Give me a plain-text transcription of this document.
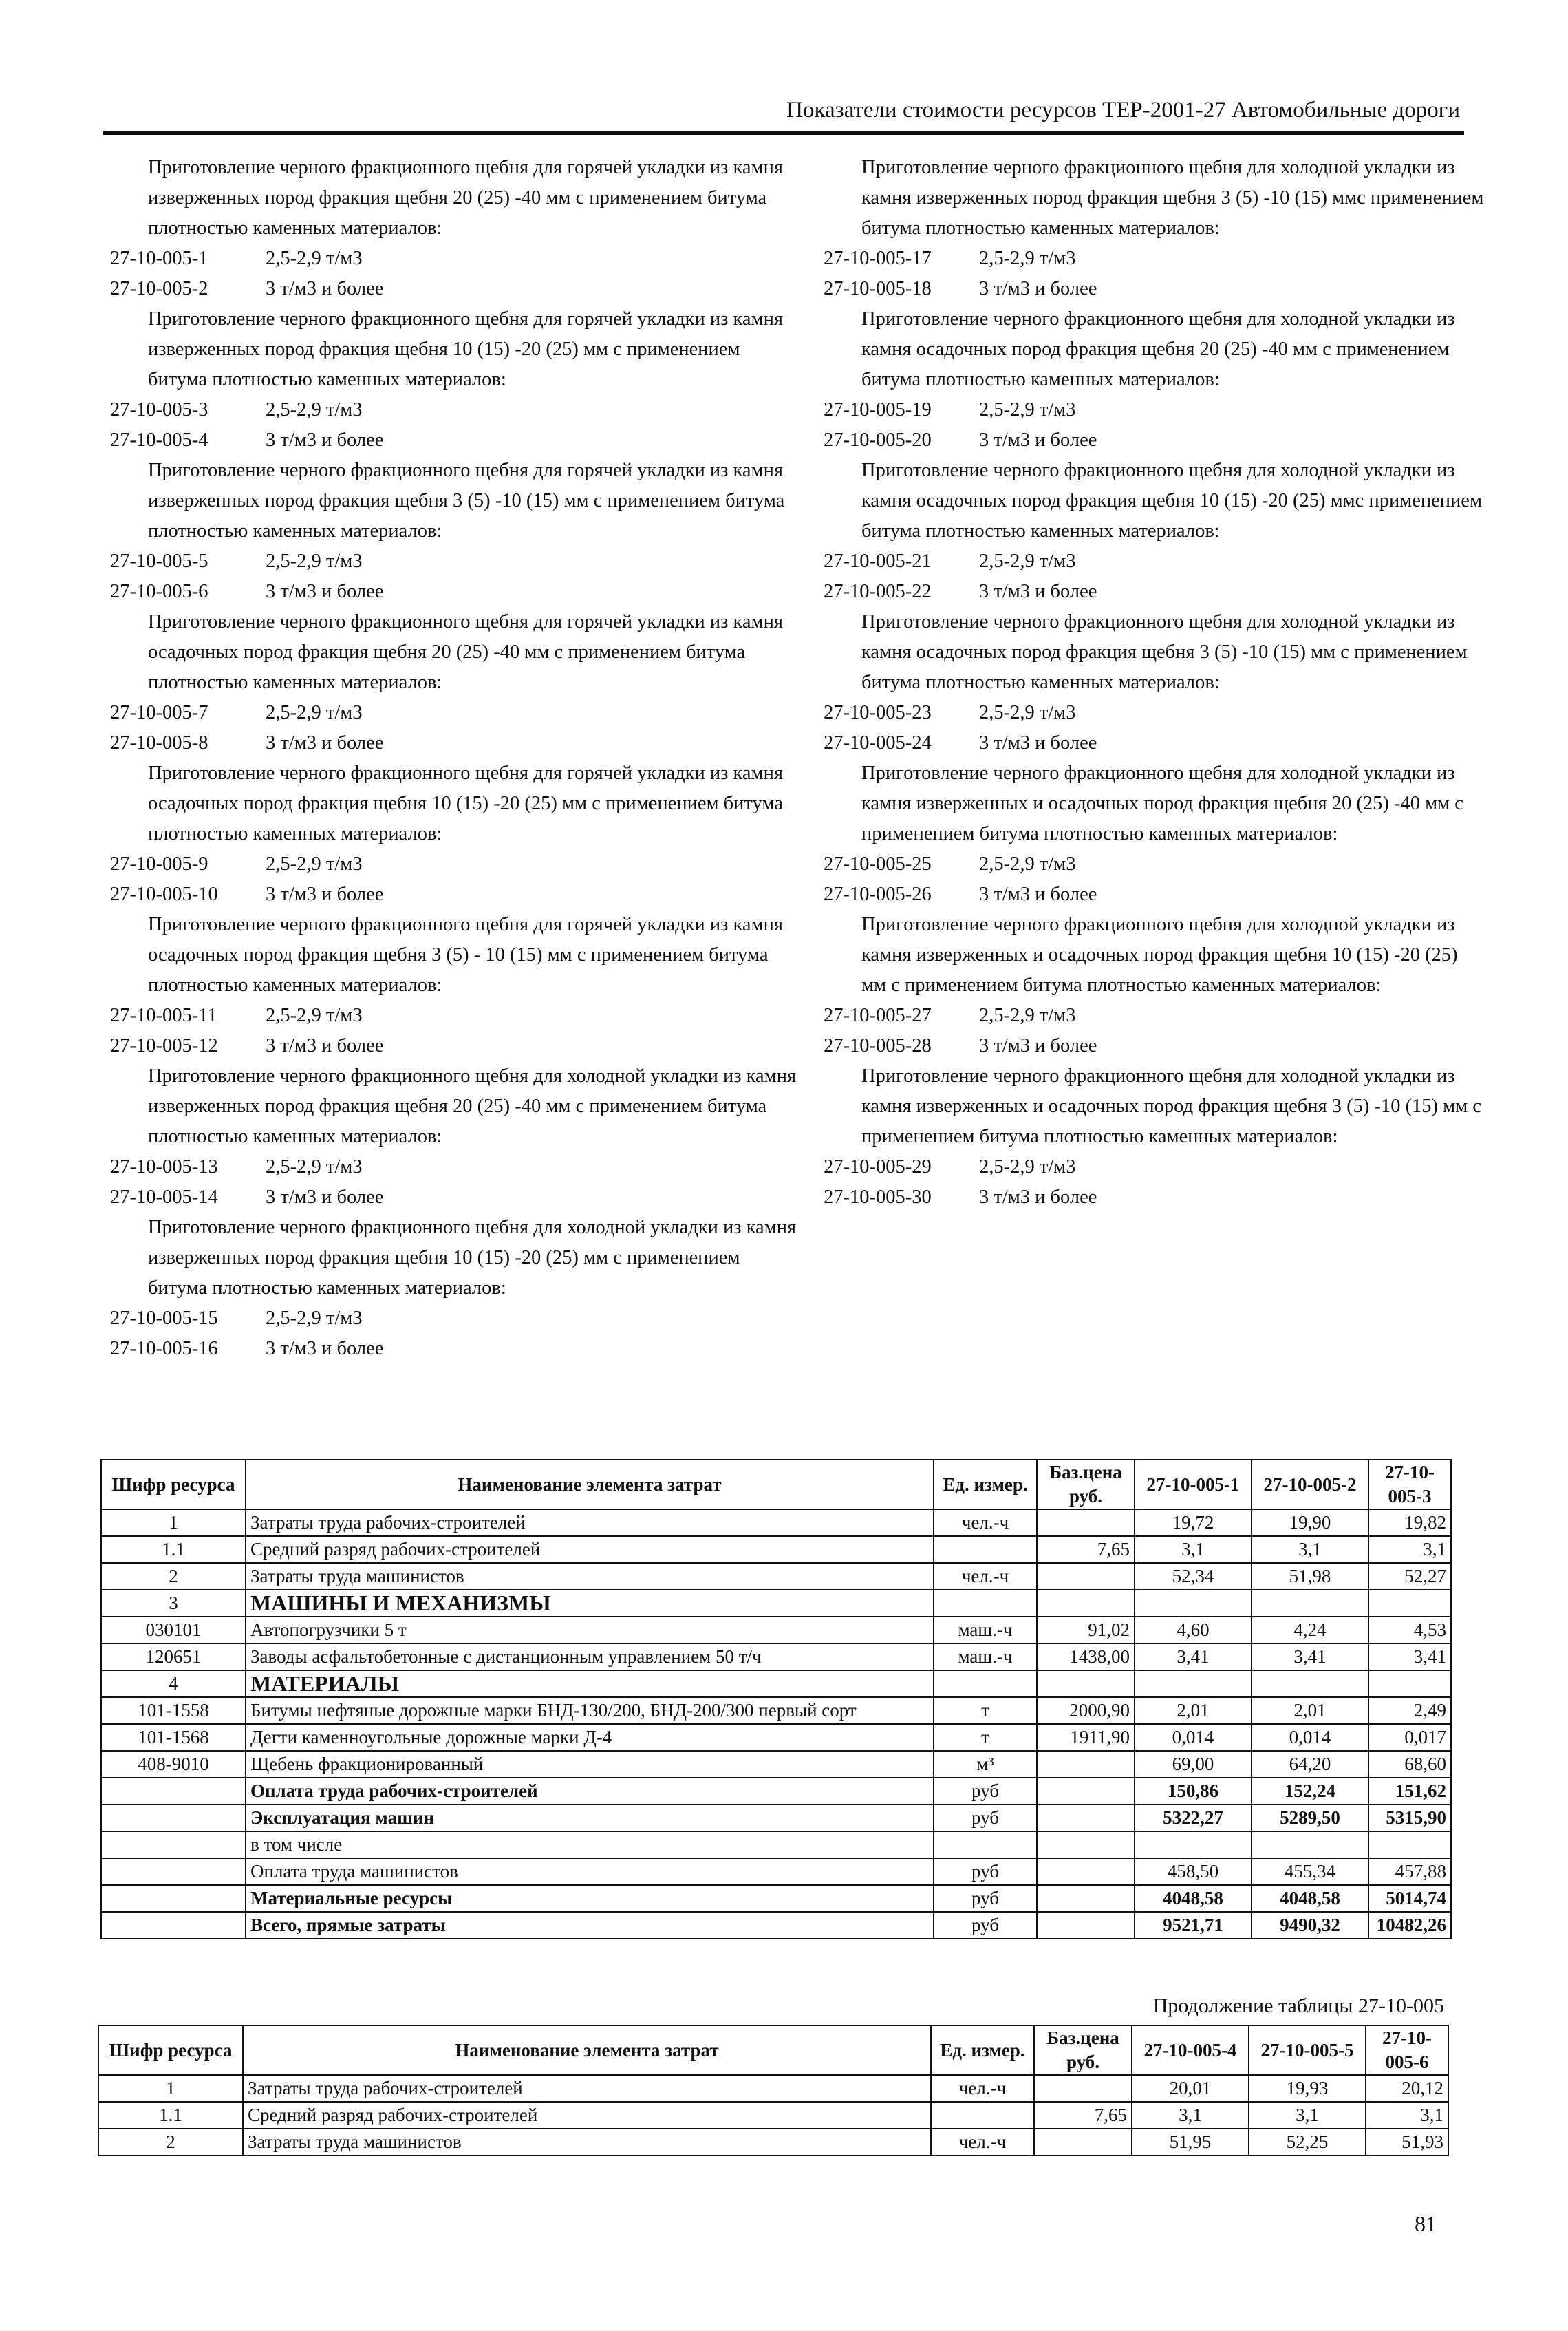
Показатели стоимости ресурсов ТЕР-2001-27 Автомобильные дороги
Приготовление черного фракционного щебня для горячей укладки из камня изверженных пород фракция щебня 20 (25) -40 мм с применением битума плотностью каменных материалов:
27-10-005-1	2,5-2,9 т/м3
27-10-005-2	3 т/м3 и более
Приготовление черного фракционного щебня для горячей укладки из камня изверженных пород фракция щебня 10 (15) -20 (25) мм с применением битума плотностью каменных материалов:
27-10-005-3	2,5-2,9 т/м3
27-10-005-4	3 т/м3 и более
Приготовление черного фракционного щебня для горячей укладки из камня изверженных пород фракция щебня 3 (5) -10 (15) мм с применением битума плотностью каменных материалов:
27-10-005-5	2,5-2,9 т/м3
27-10-005-6	3 т/м3 и более
Приготовление черного фракционного щебня для горячей укладки из камня осадочных пород фракция щебня 20 (25) -40 мм с применением битума плотностью каменных материалов:
27-10-005-7	2,5-2,9 т/м3
27-10-005-8	3 т/м3 и более
Приготовление черного фракционного щебня для горячей укладки из камня осадочных пород фракция щебня 10 (15) -20 (25) мм с применением битума плотностью каменных материалов:
27-10-005-9	2,5-2,9 т/м3
27-10-005-10	3 т/м3 и более
Приготовление черного фракционного щебня для горячей укладки из камня осадочных пород фракция щебня 3 (5) - 10 (15) мм с применением битума плотностью каменных материалов:
27-10-005-11	2,5-2,9 т/м3
27-10-005-12	3 т/м3 и более
Приготовление черного фракционного щебня для холодной укладки из камня изверженных пород фракция щебня 20 (25) -40 мм с применением битума плотностью каменных материалов:
27-10-005-13	2,5-2,9 т/м3
27-10-005-14	3 т/м3 и более
Приготовление черного фракционного щебня для холодной укладки из камня изверженных пород фракция щебня 10 (15) -20 (25) мм с применением битума плотностью каменных материалов:
27-10-005-15	2,5-2,9 т/м3
27-10-005-16	3 т/м3 и более
Приготовление черного фракционного щебня для холодной укладки из камня изверженных пород фракция щебня 3 (5) -10 (15) ммс применением битума плотностью каменных материалов:
27-10-005-17	2,5-2,9 т/м3
27-10-005-18	3 т/м3 и более
Приготовление черного фракционного щебня для холодной укладки из камня осадочных пород фракция щебня 20 (25) -40 мм с применением битума плотностью каменных материалов:
27-10-005-19	2,5-2,9 т/м3
27-10-005-20	3 т/м3 и более
Приготовление черного фракционного щебня для холодной укладки из камня осадочных пород фракция щебня 10 (15) -20 (25) ммс применением битума плотностью каменных материалов:
27-10-005-21	2,5-2,9 т/м3
27-10-005-22	3 т/м3 и более
Приготовление черного фракционного щебня для холодной укладки из камня осадочных пород фракция щебня 3 (5) -10 (15) мм с применением битума плотностью каменных материалов:
27-10-005-23	2,5-2,9 т/м3
27-10-005-24	3 т/м3 и более
Приготовление черного фракционного щебня для холодной укладки из камня изверженных и осадочных пород фракция щебня 20 (25) -40 мм с применением битума плотностью каменных материалов:
27-10-005-25	2,5-2,9 т/м3
27-10-005-26	3 т/м3 и более
Приготовление черного фракционного щебня для холодной укладки из камня изверженных и осадочных пород фракция щебня 10 (15) -20 (25) мм с применением битума плотностью каменных материалов:
27-10-005-27	2,5-2,9 т/м3
27-10-005-28	3 т/м3 и более
Приготовление черного фракционного щебня для холодной укладки из камня изверженных и осадочных пород фракция щебня 3 (5) -10 (15) мм с применением битума плотностью каменных материалов:
27-10-005-29	2,5-2,9 т/м3
27-10-005-30	3 т/м3 и более
Шифр ресурса	Наименование элемента затрат	Ед. измер.	Баз.цена руб.	27-10-005-1	27-10-005-2	27-10-005-3
1	Затраты труда рабочих-строителей	чел.-ч		19,72	19,90	19,82
1.1	Средний разряд рабочих-строителей		7,65	3,1	3,1	3,1
2	Затраты труда машинистов	чел.-ч		52,34	51,98	52,27
3	МАШИНЫ И МЕХАНИЗМЫ					
030101	Автопогрузчики 5 т	маш.-ч	91,02	4,60	4,24	4,53
120651	Заводы асфальтобетонные с дистанционным управлением 50 т/ч	маш.-ч	1438,00	3,41	3,41	3,41
4	МАТЕРИАЛЫ					
101-1558	Битумы нефтяные дорожные марки БНД-130/200, БНД-200/300 первый сорт	т	2000,90	2,01	2,01	2,49
101-1568	Дегти каменноугольные дорожные марки Д-4	т	1911,90	0,014	0,014	0,017
408-9010	Щебень фракционированный	м³		69,00	64,20	68,60
	Оплата труда рабочих-строителей	руб		150,86	152,24	151,62
	Эксплуатация машин	руб		5322,27	5289,50	5315,90
	в том числе					
	Оплата труда машинистов	руб		458,50	455,34	457,88
	Материальные ресурсы	руб		4048,58	4048,58	5014,74
	Всего, прямые затраты	руб		9521,71	9490,32	10482,26
Продолжение таблицы 27-10-005
Шифр ресурса	Наименование элемента затрат	Ед. измер.	Баз.цена руб.	27-10-005-4	27-10-005-5	27-10-005-6
1	Затраты труда рабочих-строителей	чел.-ч		20,01	19,93	20,12
1.1	Средний разряд рабочих-строителей		7,65	3,1	3,1	3,1
2	Затраты труда машинистов	чел.-ч		51,95	52,25	51,93
81
